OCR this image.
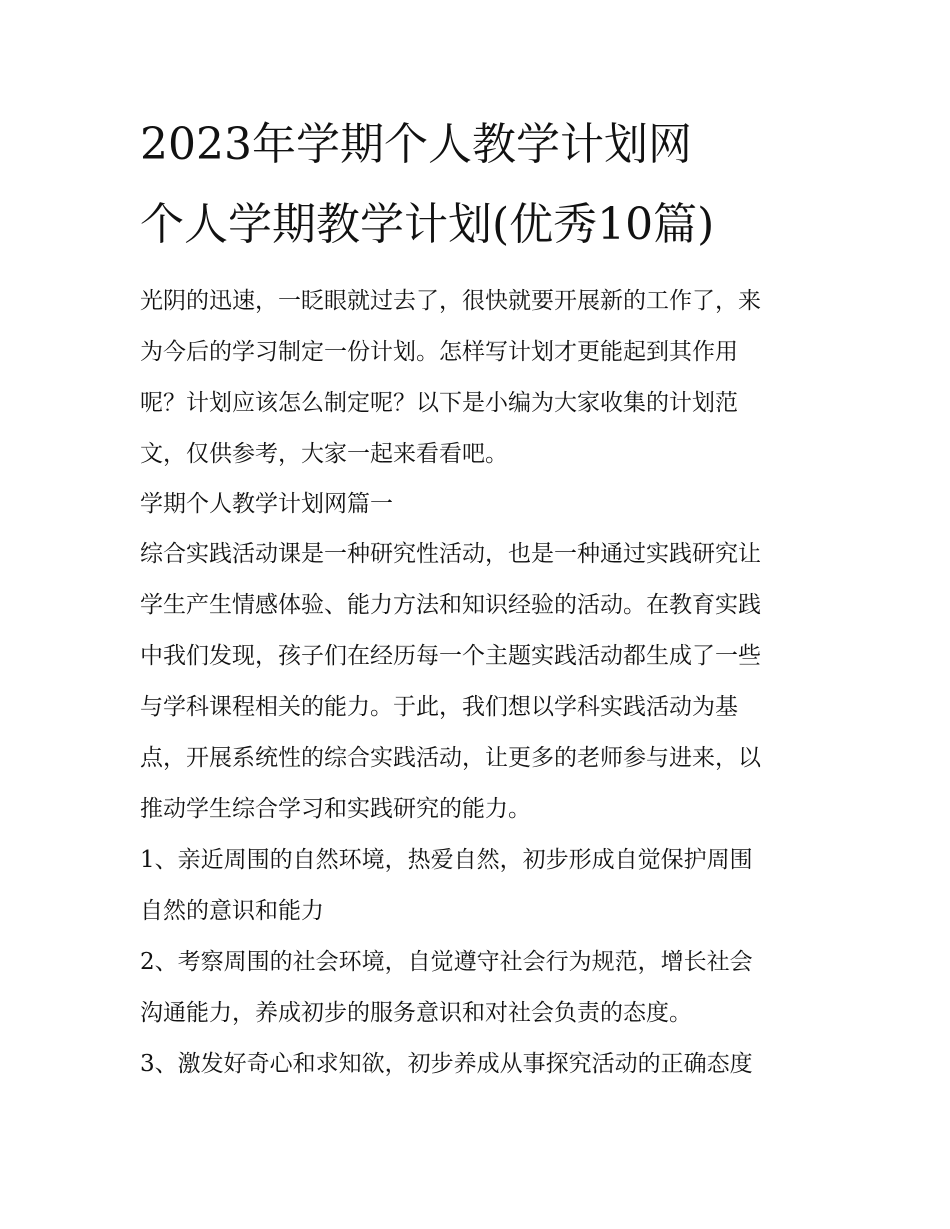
2023年学期个人教学计划网
个人学期教学计划(优秀10篇)

光阴的迅速，一眨眼就过去了，很快就要开展新的工作了，来

为今后的学习制定一份计划。怎样写计划才更能起到其作用

呢？计划应该怎么制定呢？以下是小编为大家收集的计划范

文，仅供参考，大家一起来看看吧。

学期个人教学计划网篇一

综合实践活动课是一种研究性活动，也是一种通过实践研究让

学生产生情感体验、能力方法和知识经验的活动。在教育实践

中我们发现，孩子们在经历每一个主题实践活动都生成了一些

与学科课程相关的能力。于此，我们想以学科实践活动为基

点，开展系统性的综合实践活动，让更多的老师参与进来，以

推动学生综合学习和实践研究的能力。

1、亲近周围的自然环境，热爱自然，初步形成自觉保护周围

自然的意识和能力

2、考察周围的社会环境，自觉遵守社会行为规范，增长社会

沟通能力，养成初步的服务意识和对社会负责的态度。

3、激发好奇心和求知欲，初步养成从事探究活动的正确态度
